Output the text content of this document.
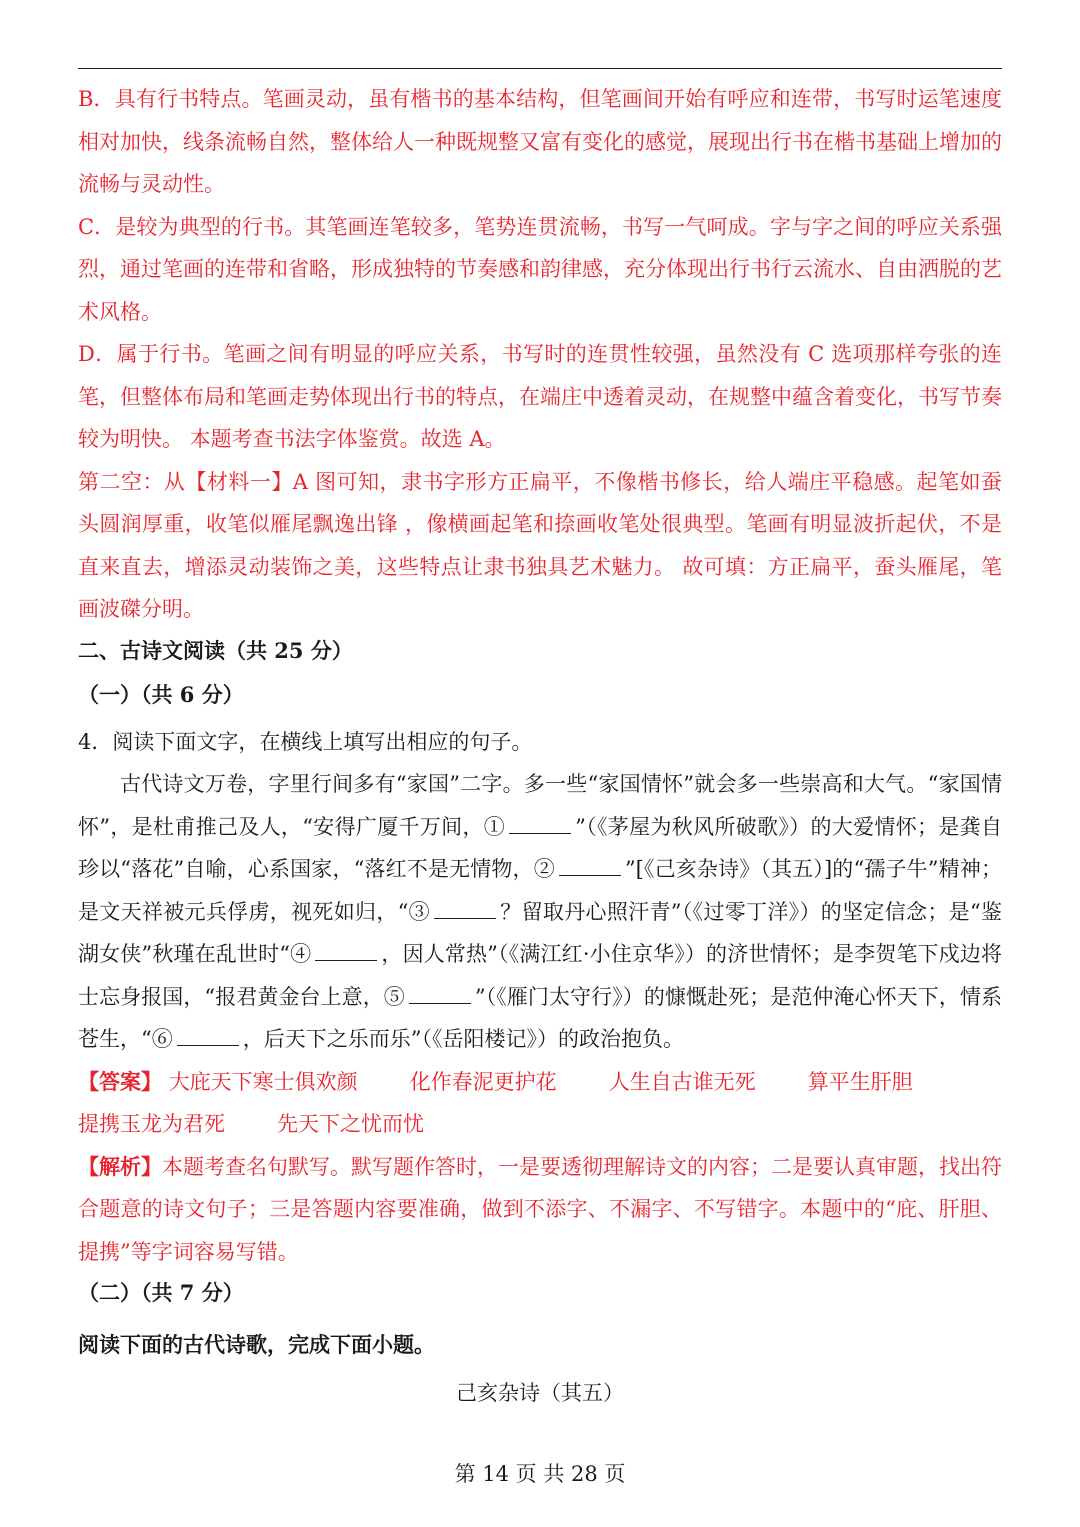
B．具有行书特点。笔画灵动，虽有楷书的基本结构，但笔画间开始有呼应和连带，书写时运笔速度相对加快，线条流畅自然，整体给人一种既规整又富有变化的感觉，展现出行书在楷书基础上增加的流畅与灵动性。

C．是较为典型的行书。其笔画连笔较多，笔势连贯流畅，书写一气呵成。字与字之间的呼应关系强烈，通过笔画的连带和省略，形成独特的节奏感和韵律感，充分体现出行书行云流水、自由洒脱的艺术风格。

D．属于行书。笔画之间有明显的呼应关系，书写时的连贯性较强，虽然没有 C 选项那样夸张的连笔，但整体布局和笔画走势体现出行书的特点，在端庄中透着灵动，在规整中蕴含着变化，书写节奏较为明快。 本题考查书法字体鉴赏。故选 A。

第二空：从【材料一】A 图可知，隶书字形方正扁平，不像楷书修长，给人端庄平稳感。起笔如蚕头圆润厚重，收笔似雁尾飘逸出锋 ，像横画起笔和捺画收笔处很典型。笔画有明显波折起伏，不是直来直去，增添灵动装饰之美，这些特点让隶书独具艺术魅力。 故可填：方正扁平，蚕头雁尾，笔画波磔分明。

二、古诗文阅读（共 25 分）

（一）（共 6 分）

4．阅读下面文字，在横线上填写出相应的句子。

古代诗文万卷，字里行间多有“家国”二字。多一些“家国情怀”就会多一些崇高和大气。“家国情怀”，是杜甫推己及人，“安得广厦千万间，①	”（《茅屋为秋风所破歌》）的大爱情怀；是龚自珍以“落花”自喻，心系国家，“落红不是无情物，②	”[《己亥杂诗》（其五）]的“孺子牛”精神；是文天祥被元兵俘虏，视死如归，“③	？留取丹心照汗青”（《过零丁洋》）的坚定信念；是“鉴湖女侠”秋瑾在乱世时“④	，因人常热”（《满江红·小住京华》）的济世情怀；是李贺笔下戍边将士忘身报国，“报君黄金台上意，⑤	”（《雁门太守行》）的慷慨赴死；是范仲淹心怀天下，情系苍生，“⑥	，后天下之乐而乐”（《岳阳楼记》）的政治抱负。

【答案】 大庇天下寒士俱欢颜 化作春泥更护花 人生自古谁无死 算平生肝胆提携玉龙为君死 先天下之忧而忧

【解析】本题考查名句默写。默写题作答时，一是要透彻理解诗文的内容；二是要认真审题，找出符合题意的诗文句子；三是答题内容要准确，做到不添字、不漏字、不写错字。本题中的“庇、肝胆、提携”等字词容易写错。

（二）（共 7 分）

阅读下面的古代诗歌，完成下面小题。

己亥杂诗（其五）

第 14 页 共 28 页
